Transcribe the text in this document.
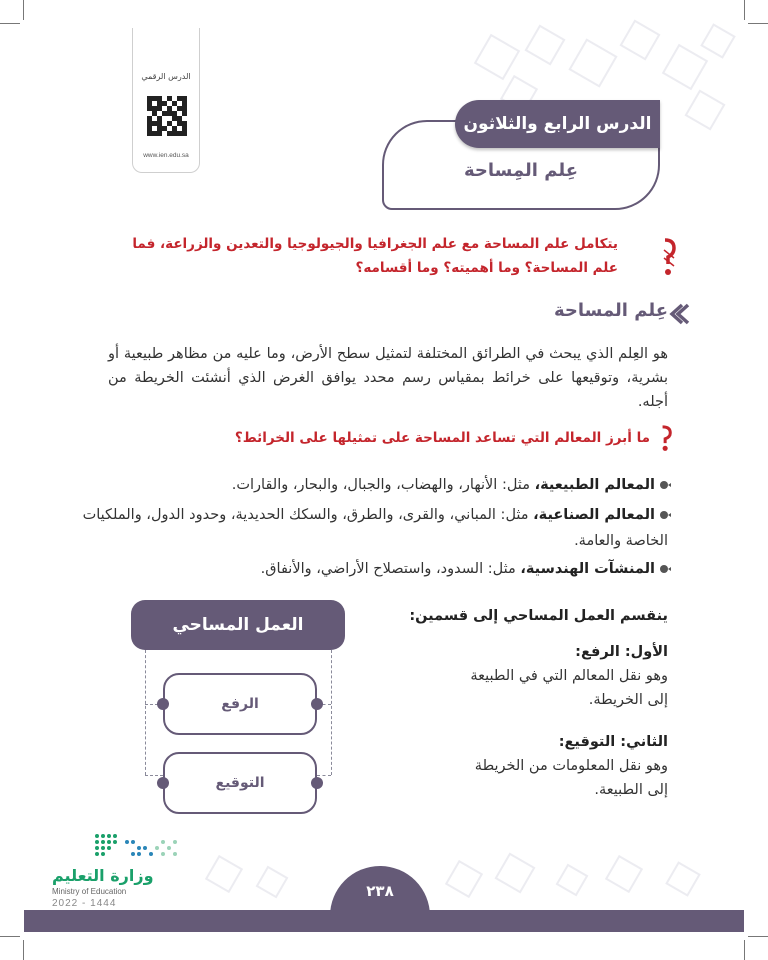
الدرس الرقمي
www.ien.edu.sa
الدرس الرابع والثلاثون
عِلم المِساحة
يتكامل علم المساحة مع علم الجغرافيا والجيولوجيا والتعدين والزراعة، فما علم المساحة؟ وما أهميته؟ وما أقسامه؟
عِلم المساحة
هو العِلم الذي يبحث في الطرائق المختلفة لتمثيل سطح الأرض، وما عليه من مظاهر طبيعية أو بشرية، وتوقيعها على خرائط بمقياس رسم محدد يوافق الغرض الذي أنشئت الخريطة من أجله.
ما أبرز المعالم التي تساعد المساحة على تمثيلها على الخرائط؟
المعالم الطبيعية، مثل: الأنهار، والهضاب، والجبال، والبحار، والقارات.
المعالم الصناعية، مثل: المباني، والقرى، والطرق، والسكك الحديدية، وحدود الدول، والملكيات الخاصة والعامة.
المنشآت الهندسية، مثل: السدود، واستصلاح الأراضي، والأنفاق.
ينقسم العمل المساحي إلى قسمين:
الأول: الرفع:
وهو نقل المعالم التي في الطبيعة
إلى الخريطة.
الثاني: التوقيع:
وهو نقل المعلومات من الخريطة
إلى الطبيعة.
العمل المساحي
الرفع
التوقيع
وزارة التعليم
Ministry of Education
2022 - 1444
٢٣٨
